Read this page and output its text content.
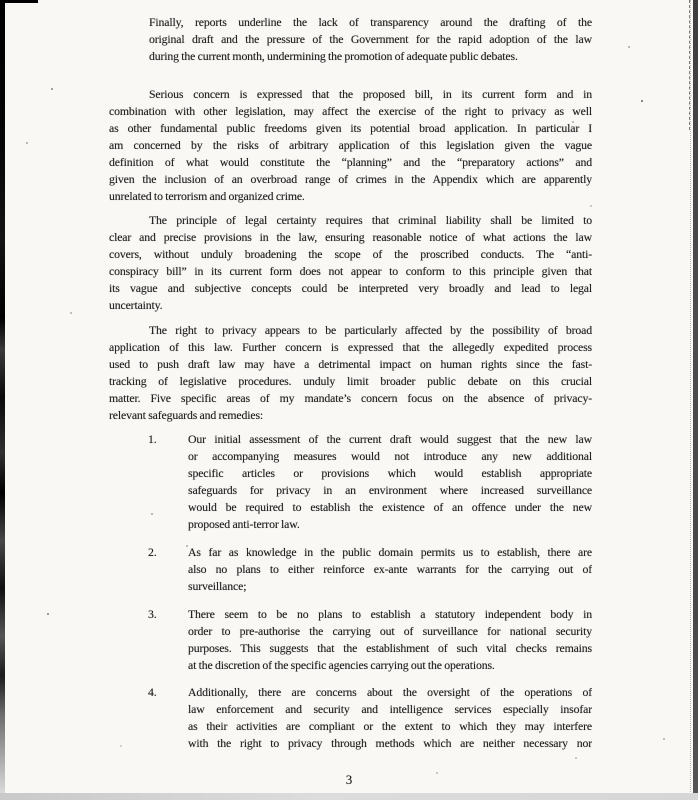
Finally, reports underline the lack of transparency around the drafting of the
original draft and the pressure of the Government for the rapid adoption of the law
during the current month, undermining the promotion of adequate public debates.
Serious concern is expressed that the proposed bill, in its current form and in
combination with other legislation, may affect the exercise of the right to privacy as well
as other fundamental public freedoms given its potential broad application. In particular I
am concerned by the risks of arbitrary application of this legislation given the vague
definition of what would constitute the “planning” and the “preparatory actions” and
given the inclusion of an overbroad range of crimes in the Appendix which are apparently
unrelated to terrorism and organized crime.
The principle of legal certainty requires that criminal liability shall be limited to
clear and precise provisions in the law, ensuring reasonable notice of what actions the law
covers, without unduly broadening the scope of the proscribed conducts. The “anti-
conspiracy bill” in its current form does not appear to conform to this principle given that
its vague and subjective concepts could be interpreted very broadly and lead to legal
uncertainty.
The right to privacy appears to be particularly affected by the possibility of broad
application of this law. Further concern is expressed that the allegedly expedited process
used to push draft law may have a detrimental impact on human rights since the fast-
tracking of legislative procedures. unduly limit broader public debate on this crucial
matter. Five specific areas of my mandate’s concern focus on the absence of privacy-
relevant safeguards and remedies:
1.	Our initial assessment of the current draft would suggest that the new law
or accompanying measures would not introduce any new additional
specific articles or provisions which would establish appropriate
safeguards for privacy in an environment where increased surveillance
would be required to establish the existence of an offence under the new
proposed anti-terror law.
2.	As far as knowledge in the public domain permits us to establish, there are
also no plans to either reinforce ex-ante warrants for the carrying out of
surveillance;
3.	There seem to be no plans to establish a statutory independent body in
order to pre-authorise the carrying out of surveillance for national security
purposes. This suggests that the establishment of such vital checks remains
at the discretion of the specific agencies carrying out the operations.
4.	Additionally, there are concerns about the oversight of the operations of
law enforcement and security and intelligence services especially insofar
as their activities are compliant or the extent to which they may interfere
with the right to privacy through methods which are neither necessary nor
3
